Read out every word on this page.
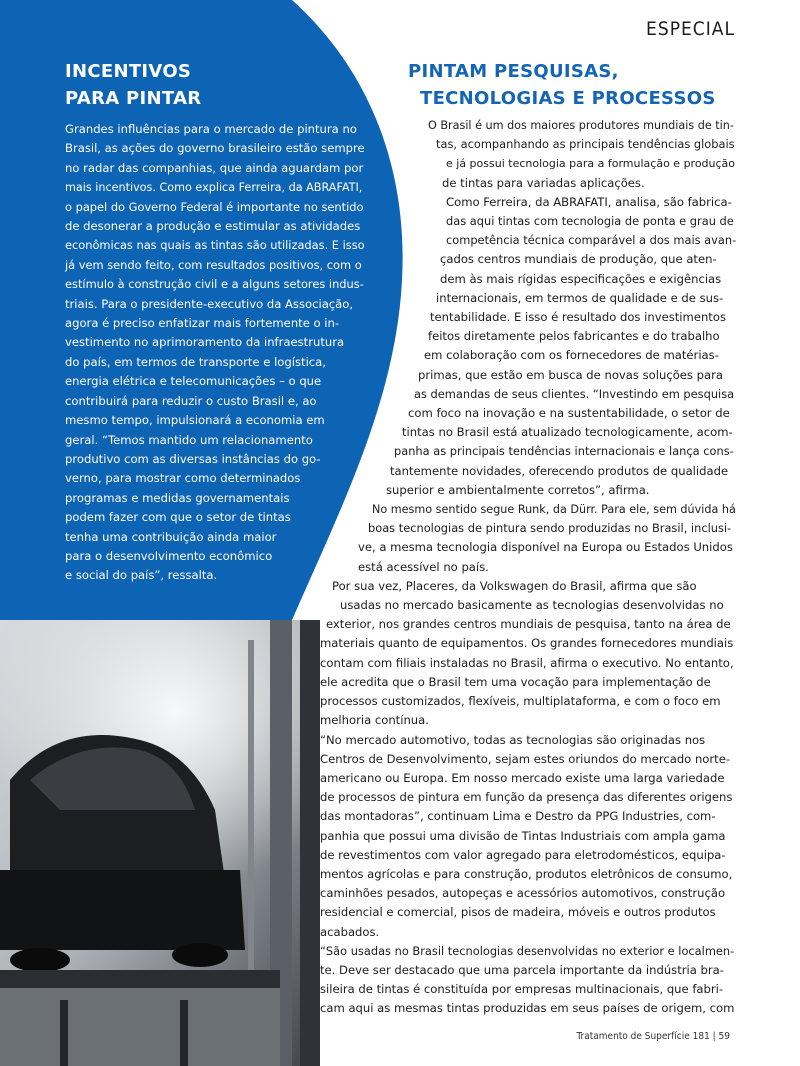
ESPECIAL
INCENTIVOS
PARA PINTAR
Grandes influências para o mercado de pintura no
Brasil, as ações do governo brasileiro estão sempre
no radar das companhias, que ainda aguardam por
mais incentivos. Como explica Ferreira, da ABRAFATI,
o papel do Governo Federal é importante no sentido
de desonerar a produção e estimular as atividades
econômicas nas quais as tintas são utilizadas. E isso
já vem sendo feito, com resultados positivos, com o
estímulo à construção civil e a alguns setores indus-
triais. Para o presidente-executivo da Associação,
agora é preciso enfatizar mais fortemente o in-
vestimento no aprimoramento da infraestrutura
do país, em termos de transporte e logística,
energia elétrica e telecomunicações – o que
contribuirá para reduzir o custo Brasil e, ao
mesmo tempo, impulsionará a economia em
geral. “Temos mantido um relacionamento
produtivo com as diversas instâncias do go-
verno, para mostrar como determinados
programas e medidas governamentais
podem fazer com que o setor de tintas
tenha uma contribuição ainda maior
para o desenvolvimento econômico
e social do país”, ressalta.
PINTAM PESQUISAS,
TECNOLOGIAS E PROCESSOS
O Brasil é um dos maiores produtores mundiais de tin-
tas, acompanhando as principais tendências globais
e já possui tecnologia para a formulação e produção
de tintas para variadas aplicações.
Como Ferreira, da ABRAFATI, analisa, são fabrica-
das aqui tintas com tecnologia de ponta e grau de
competência técnica comparável a dos mais avan-
çados centros mundiais de produção, que aten-
dem às mais rígidas especificações e exigências
internacionais, em termos de qualidade e de sus-
tentabilidade. E isso é resultado dos investimentos
feitos diretamente pelos fabricantes e do trabalho
em colaboração com os fornecedores de matérias-
primas, que estão em busca de novas soluções para
as demandas de seus clientes. “Investindo em pesquisa
com foco na inovação e na sustentabilidade, o setor de
tintas no Brasil está atualizado tecnologicamente, acom-
panha as principais tendências internacionais e lança cons-
tantemente novidades, oferecendo produtos de qualidade
superior e ambientalmente corretos”, afirma.
No mesmo sentido segue Runk, da Dürr. Para ele, sem dúvida há
boas tecnologias de pintura sendo produzidas no Brasil, inclusi-
ve, a mesma tecnologia disponível na Europa ou Estados Unidos
está acessível no país.
Por sua vez, Placeres, da Volkswagen do Brasil, afirma que são
usadas no mercado basicamente as tecnologias desenvolvidas no
exterior, nos grandes centros mundiais de pesquisa, tanto na área de
materiais quanto de equipamentos. Os grandes fornecedores mundiais
contam com filiais instaladas no Brasil, afirma o executivo. No entanto,
ele acredita que o Brasil tem uma vocação para implementação de
processos customizados, flexíveis, multiplataforma, e com o foco em
melhoria contínua.
“No mercado automotivo, todas as tecnologias são originadas nos
Centros de Desenvolvimento, sejam estes oriundos do mercado norte-
americano ou Europa. Em nosso mercado existe uma larga variedade
de processos de pintura em função da presença das diferentes origens
das montadoras”, continuam Lima e Destro da PPG Industries, com-
panhia que possui uma divisão de Tintas Industriais com ampla gama
de revestimentos com valor agregado para eletrodomésticos, equipa-
mentos agrícolas e para construção, produtos eletrônicos de consumo,
caminhões pesados, autopeças e acessórios automotivos, construção
residencial e comercial, pisos de madeira, móveis e outros produtos
acabados.
“São usadas no Brasil tecnologias desenvolvidas no exterior e localmen-
te. Deve ser destacado que uma parcela importante da indústria bra-
sileira de tintas é constituída por empresas multinacionais, que fabri-
cam aqui as mesmas tintas produzidas em seus países de origem, com
Tratamento de Superfície 181 | 59
